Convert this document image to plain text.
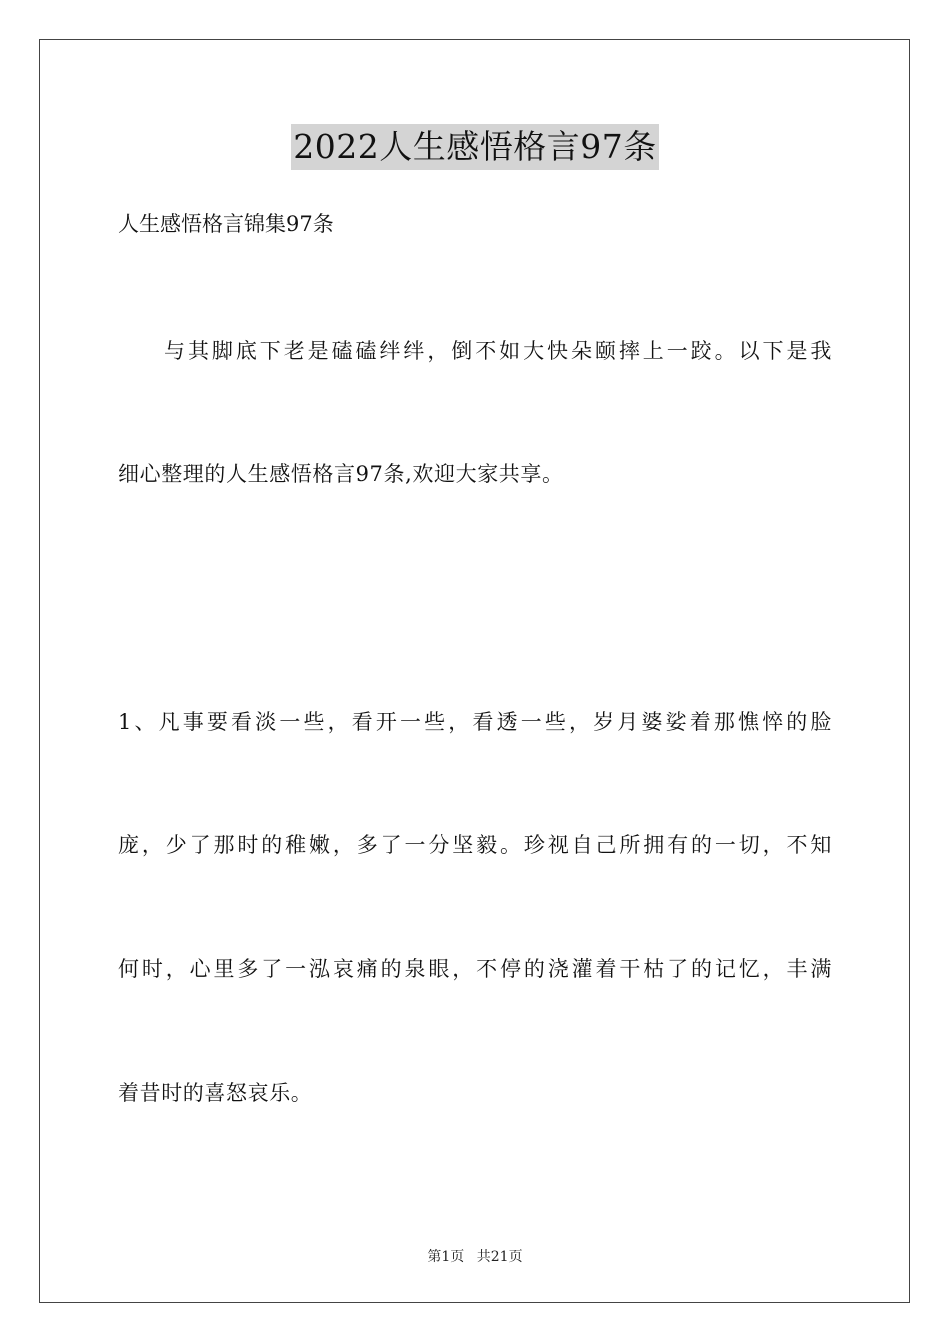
2022人生感悟格言97条
人生感悟格言锦集97条
与其脚底下老是磕磕绊绊，倒不如大快朵颐摔上一跤。以下是我
细心整理的人生感悟格言97条,欢迎大家共享。
1、凡事要看淡一些，看开一些，看透一些，岁月婆娑着那憔悴的脸
庞，少了那时的稚嫩，多了一分坚毅。珍视自己所拥有的一切，不知
何时，心里多了一泓哀痛的泉眼，不停的浇灌着干枯了的记忆，丰满
着昔时的喜怒哀乐。
第1页 共21页
